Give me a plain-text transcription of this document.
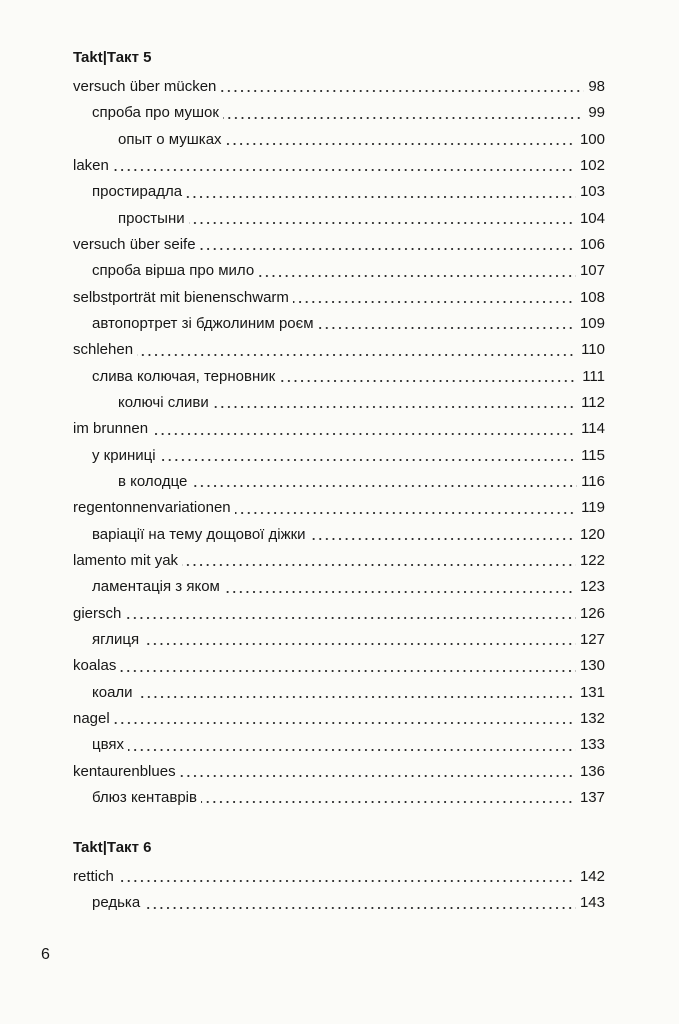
Takt|Такт 5
versuch über mücken	98
спроба про мушок	99
опыт о мушках	100
laken	102
простирадла	103
простыни	104
versuch über seife	106
спроба вірша про мило	107
selbstporträt mit bienenschwarm	108
автопортрет зі бджолиним роєм	109
schlehen	110
слива колючая, терновник	111
колючі сливи	112
im brunnen	114
у криниці	115
в колодце	116
regentonnenvariationen	119
варіації на тему дощової діжки	120
lamento mit yak	122
ламентація з яком	123
giersch	126
яглиця	127
koalas	130
коали	131
nagel	132
цвях	133
kentaurenblues	136
блюз кентаврів	137
Takt|Такт 6
rettich	142
редька	143
6
